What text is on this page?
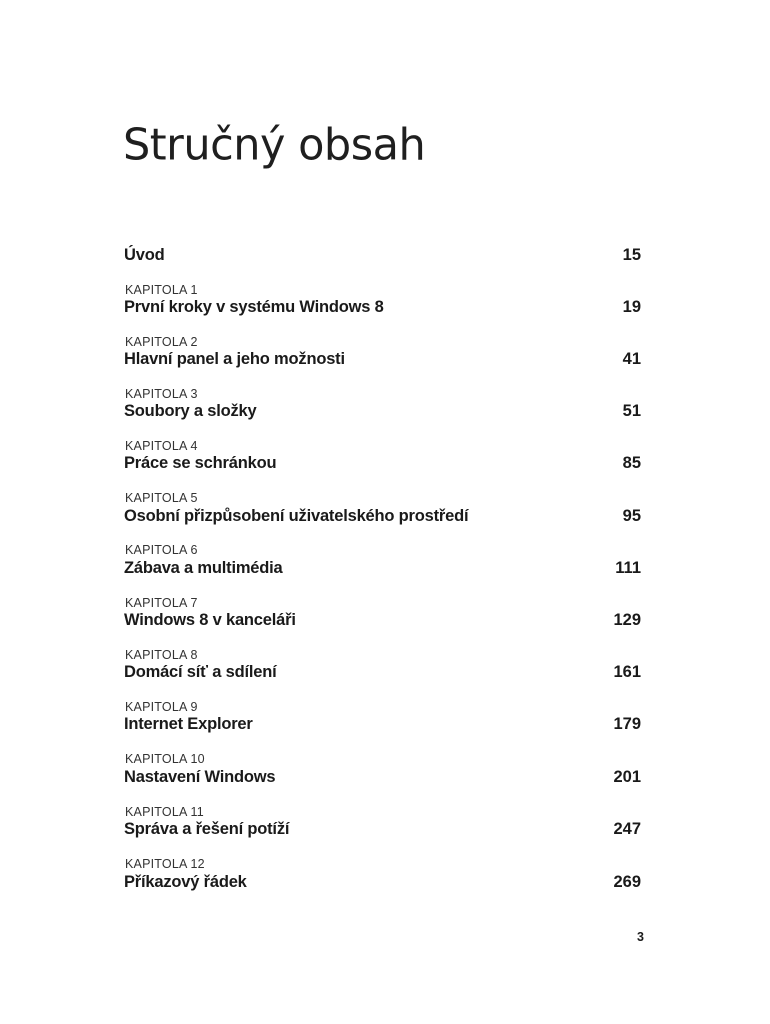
Stručný obsah
Úvod	15
KAPITOLA 1
První kroky v systému Windows 8	19
KAPITOLA 2
Hlavní panel a jeho možnosti	41
KAPITOLA 3
Soubory a složky	51
KAPITOLA 4
Práce se schránkou	85
KAPITOLA 5
Osobní přizpůsobení uživatelského prostředí	95
KAPITOLA 6
Zábava a multimédia	111
KAPITOLA 7
Windows 8 v kanceláři	129
KAPITOLA 8
Domácí síť a sdílení	161
KAPITOLA 9
Internet Explorer	179
KAPITOLA 10
Nastavení Windows	201
KAPITOLA 11
Správa a řešení potíží	247
KAPITOLA 12
Příkazový řádek	269
3
